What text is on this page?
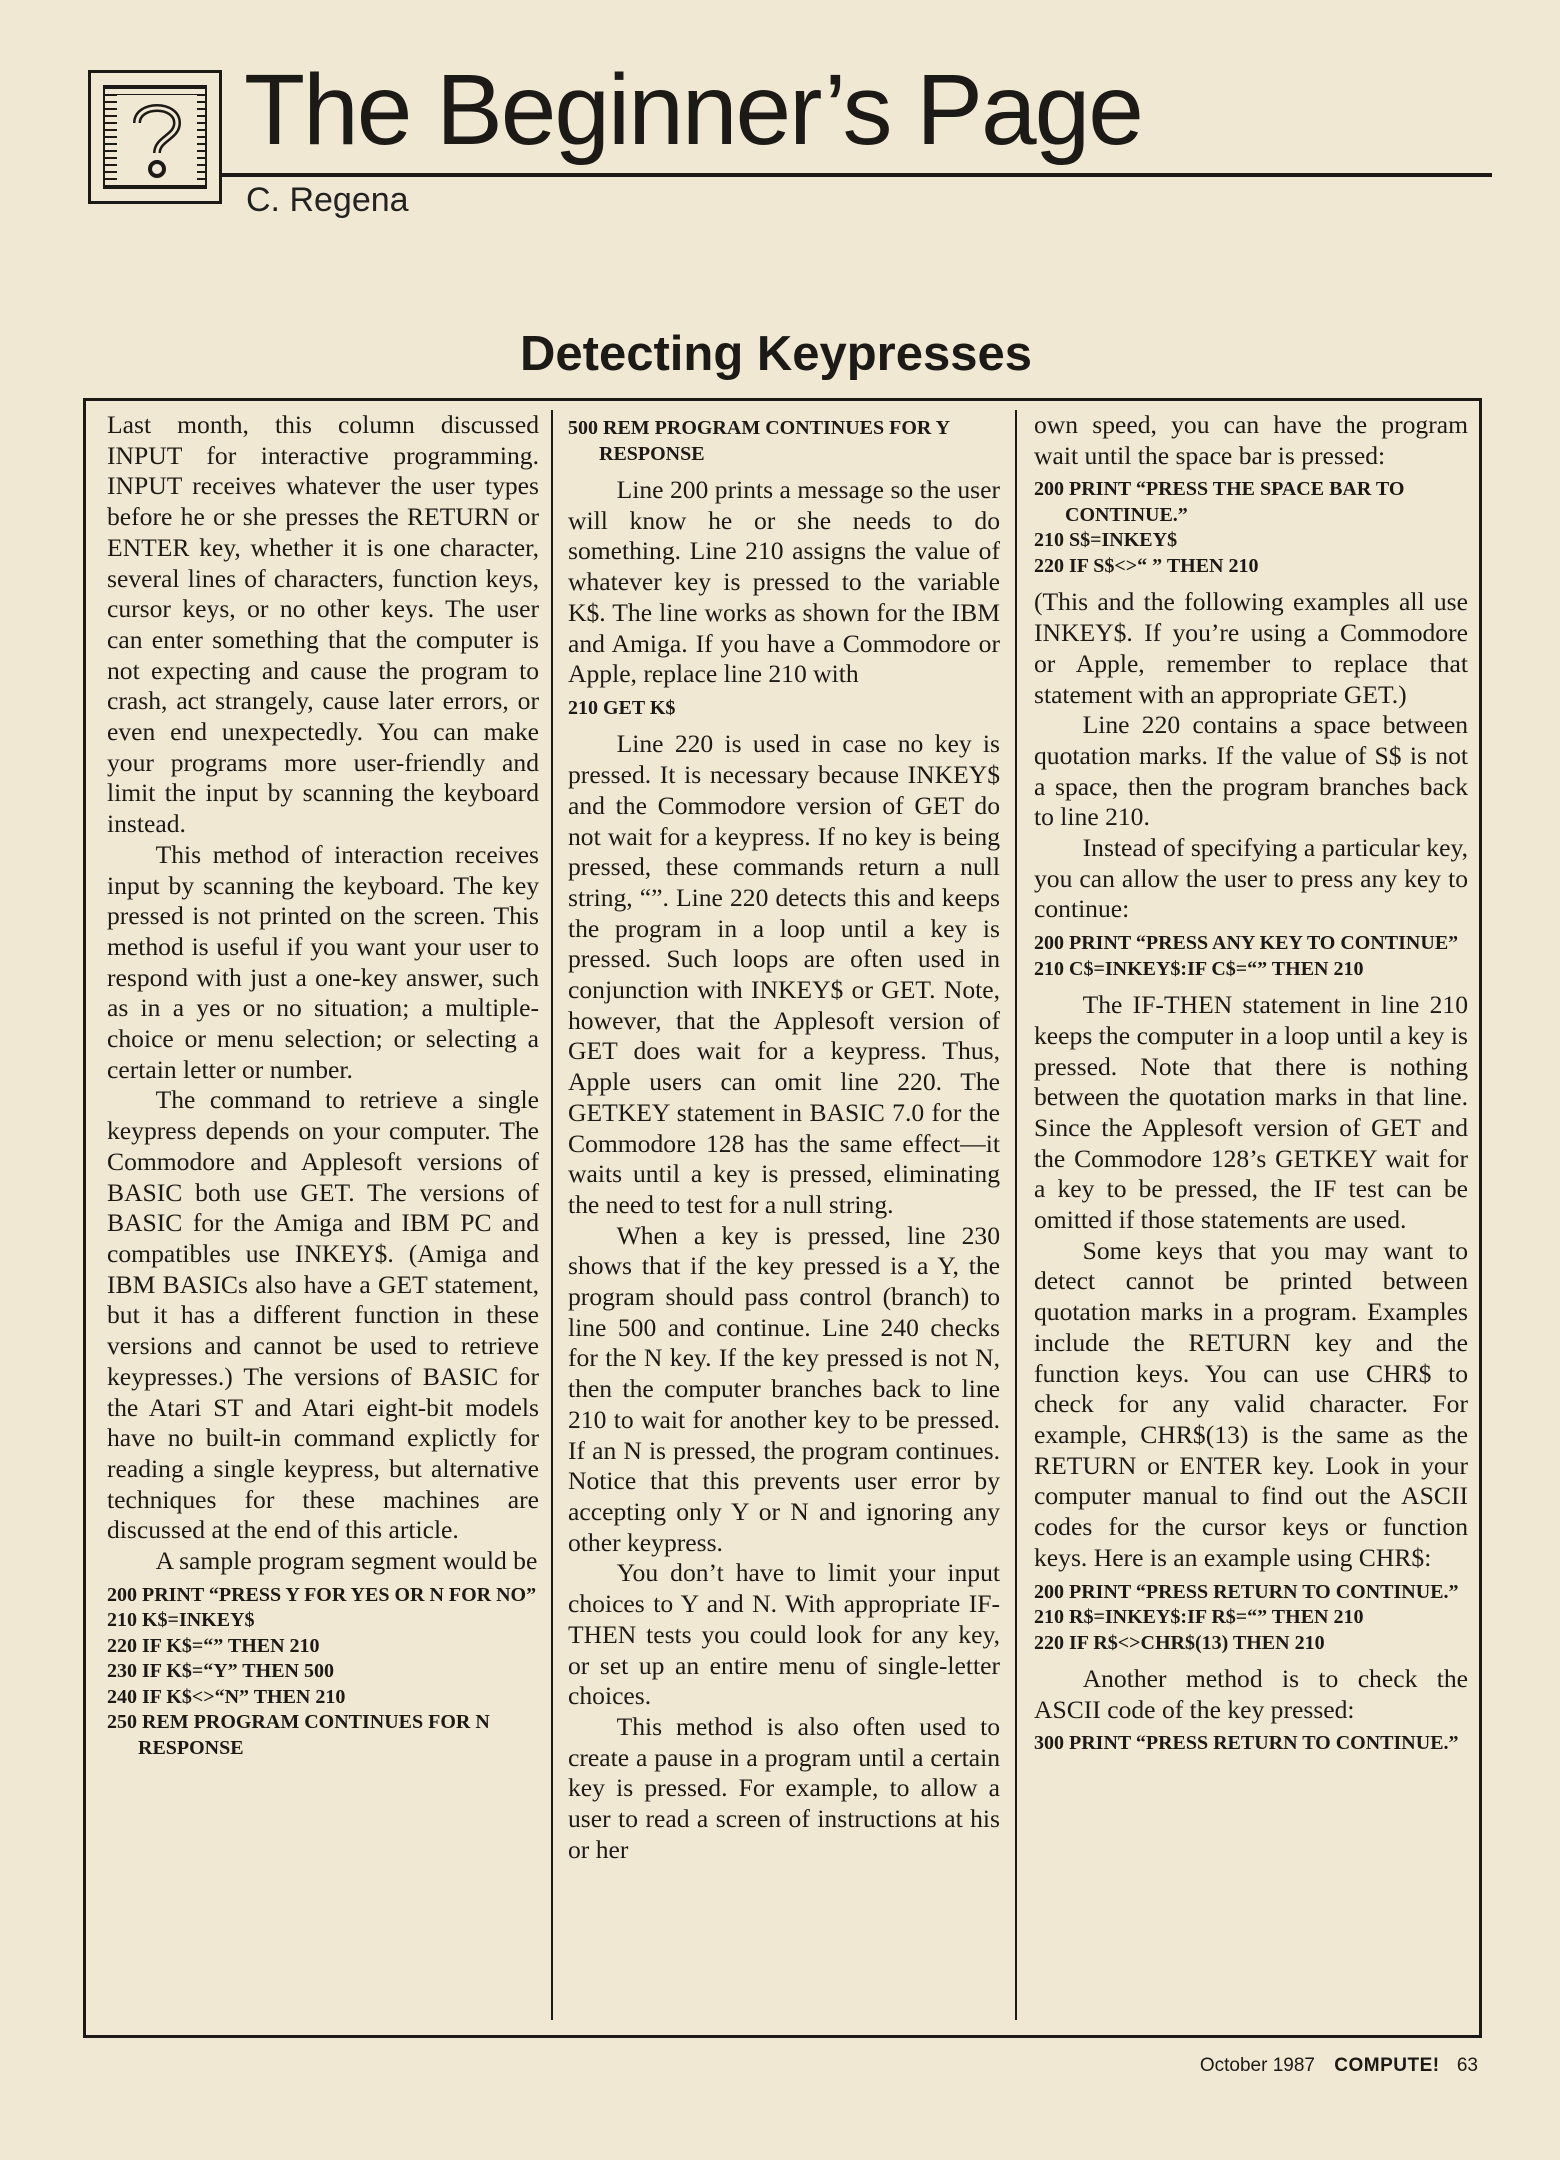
The Beginner’s Page
C. Regena
Detecting Keypresses

Last month, this column discussed INPUT for interactive programming. INPUT receives whatever the user types before he or she presses the RETURN or ENTER key, whether it is one character, several lines of characters, function keys, cursor keys, or no other keys. The user can enter something that the computer is not expecting and cause the program to crash, act strangely, cause later errors, or even end unexpectedly. You can make your programs more user-friendly and limit the input by scanning the keyboard instead.

This method of interaction receives input by scanning the keyboard. The key pressed is not printed on the screen. This method is useful if you want your user to respond with just a one-key answer, such as in a yes or no situation; a multiple-choice or menu selection; or selecting a certain letter or number.

The command to retrieve a single keypress depends on your computer. The Commodore and Applesoft versions of BASIC both use GET. The versions of BASIC for the Amiga and IBM PC and compatibles use INKEY$. (Amiga and IBM BASICs also have a GET statement, but it has a different function in these versions and cannot be used to retrieve keypresses.) The versions of BASIC for the Atari ST and Atari eight-bit models have no built-in command explictly for reading a single keypress, but alternative techniques for these machines are discussed at the end of this article.

A sample program segment would be

200 PRINT “PRESS Y FOR YES OR N FOR NO”
210 K$=INKEY$
220 IF K$=“” THEN 210
230 IF K$=“Y” THEN 500
240 IF K$<>“N” THEN 210
250 REM PROGRAM CONTINUES FOR N RESPONSE
500 REM PROGRAM CONTINUES FOR Y RESPONSE

Line 200 prints a message so the user will know he or she needs to do something. Line 210 assigns the value of whatever key is pressed to the variable K$. The line works as shown for the IBM and Amiga. If you have a Commodore or Apple, replace line 210 with

210 GET K$

Line 220 is used in case no key is pressed. It is necessary because INKEY$ and the Commodore version of GET do not wait for a keypress. If no key is being pressed, these commands return a null string, “”. Line 220 detects this and keeps the program in a loop until a key is pressed. Such loops are often used in conjunction with INKEY$ or GET. Note, however, that the Applesoft version of GET does wait for a keypress. Thus, Apple users can omit line 220. The GETKEY statement in BASIC 7.0 for the Commodore 128 has the same effect—it waits until a key is pressed, eliminating the need to test for a null string.

When a key is pressed, line 230 shows that if the key pressed is a Y, the program should pass control (branch) to line 500 and continue. Line 240 checks for the N key. If the key pressed is not N, then the computer branches back to line 210 to wait for another key to be pressed. If an N is pressed, the program continues. Notice that this prevents user error by accepting only Y or N and ignoring any other keypress.

You don’t have to limit your input choices to Y and N. With appropriate IF-THEN tests you could look for any key, or set up an entire menu of single-letter choices.

This method is also often used to create a pause in a program until a certain key is pressed. For example, to allow a user to read a screen of instructions at his or her

own speed, you can have the program wait until the space bar is pressed:

200 PRINT “PRESS THE SPACE BAR TO CONTINUE.”
210 S$=INKEY$
220 IF S$<>“ ” THEN 210

(This and the following examples all use INKEY$. If you’re using a Commodore or Apple, remember to replace that statement with an appropriate GET.)

Line 220 contains a space between quotation marks. If the value of S$ is not a space, then the program branches back to line 210.

Instead of specifying a particular key, you can allow the user to press any key to continue:

200 PRINT “PRESS ANY KEY TO CONTINUE”
210 C$=INKEY$:IF C$=“” THEN 210

The IF-THEN statement in line 210 keeps the computer in a loop until a key is pressed. Note that there is nothing between the quotation marks in that line. Since the Applesoft version of GET and the Commodore 128’s GETKEY wait for a key to be pressed, the IF test can be omitted if those statements are used.

Some keys that you may want to detect cannot be printed between quotation marks in a program. Examples include the RETURN key and the function keys. You can use CHR$ to check for any valid character. For example, CHR$(13) is the same as the RETURN or ENTER key. Look in your computer manual to find out the ASCII codes for the cursor keys or function keys. Here is an example using CHR$:

200 PRINT “PRESS RETURN TO CONTINUE.”
210 R$=INKEY$:IF R$=“” THEN 210
220 IF R$<>CHR$(13) THEN 210

Another method is to check the ASCII code of the key pressed:

300 PRINT “PRESS RETURN TO CONTINUE.”
October 1987 COMPUTE! 63
